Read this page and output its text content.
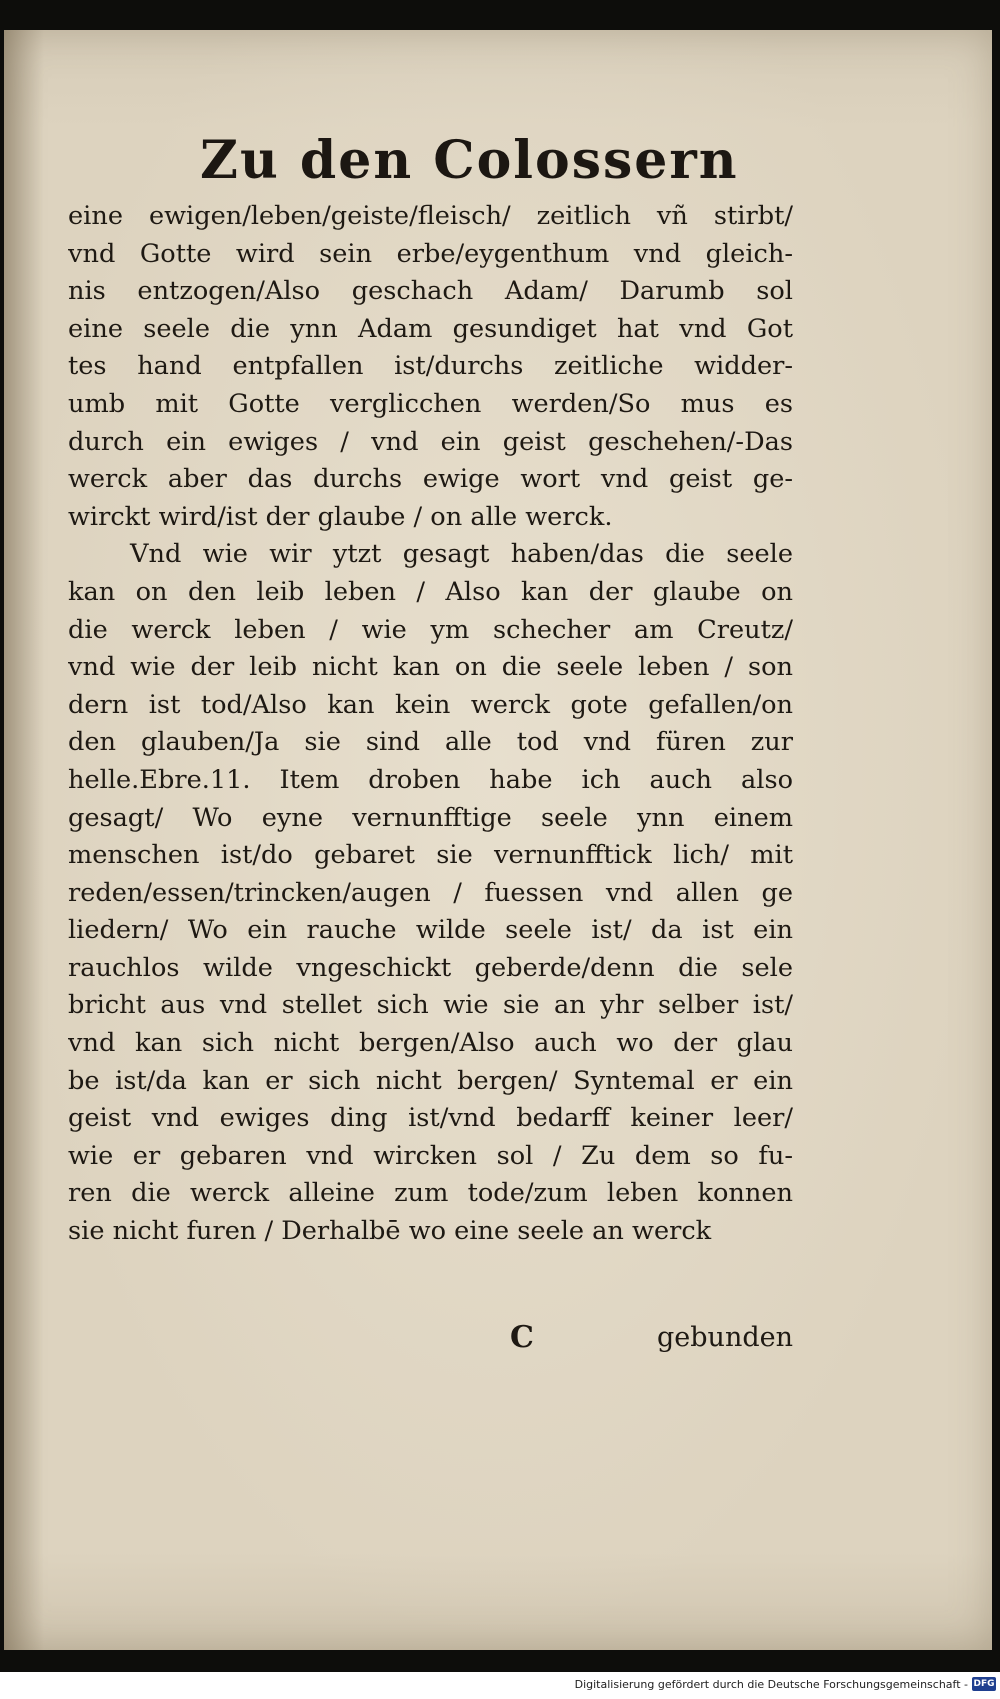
Zu den Colossern
eine ewigen/leben/geiste/fleisch/ zeitlich vñ stirbt/
vnd Gotte wird sein erbe/eygenthum vnd gleich-
nis entzogen/Also geschach Adam/ Darumb sol
eine seele die ynn Adam gesundiget hat vnd Got
tes hand entpfallen ist/durchs zeitliche widder-
umb mit Gotte verglicchen werden/So mus es
durch ein ewiges / vnd ein geist geschehen/-Das
werck aber das durchs ewige wort vnd geist ge-
wirckt wird/ist der glaube / on alle werck.
Vnd wie wir ytzt gesagt haben/das die seele
kan on den leib leben / Also kan der glaube on
die werck leben / wie ym schecher am Creutz/
vnd wie der leib nicht kan on die seele leben / son
dern ist tod/Also kan kein werck gote gefallen/on
den glauben/Ja sie sind alle tod vnd füren zur
helle.Ebre.11. Item droben habe ich auch also
gesagt/ Wo eyne vernunfftige seele ynn einem
menschen ist/do gebaret sie vernunfftick lich/ mit
reden/essen/trincken/augen / fuessen vnd allen ge
liedern/ Wo ein rauche wilde seele ist/ da ist ein
rauchlos wilde vngeschickt geberde/denn die sele
bricht aus vnd stellet sich wie sie an yhr selber ist/
vnd kan sich nicht bergen/Also auch wo der glau
be ist/da kan er sich nicht bergen/ Syntemal er ein
geist vnd ewiges ding ist/vnd bedarff keiner leer/
wie er gebaren vnd wircken sol / Zu dem so fu-
ren die werck alleine zum tode/zum leben konnen
sie nicht furen / Derhalbē wo eine seele an werck
C	gebunden
Digitalisierung gefördert durch die Deutsche Forschungsgemeinschaft - DFG
